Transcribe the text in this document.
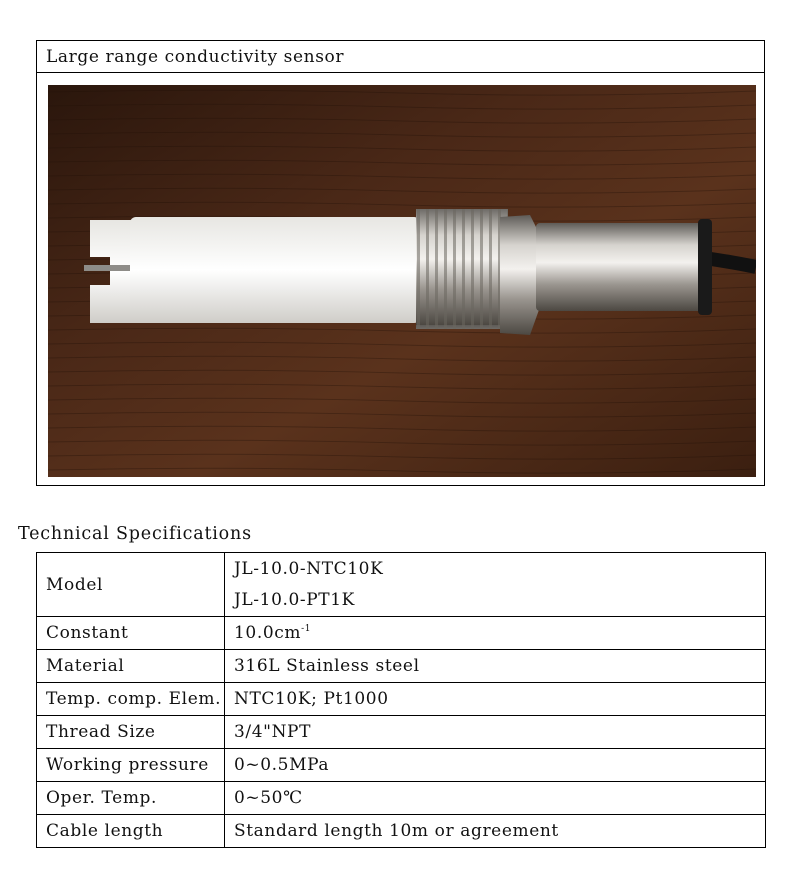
Large range conductivity sensor
Technical Specifications
Model	JL-10.0-NTC10K
JL-10.0-PT1K

Constant	$10.0cm^{-1}$
Material	316L Stainless steel
Temp. comp. Elem.	NTC10K; Pt1000
Thread Size	3/4"NPT
Working pressure	0~0.5MPa
Oper. Temp.	0~50℃
Cable length	Standard length 10m or agreement
